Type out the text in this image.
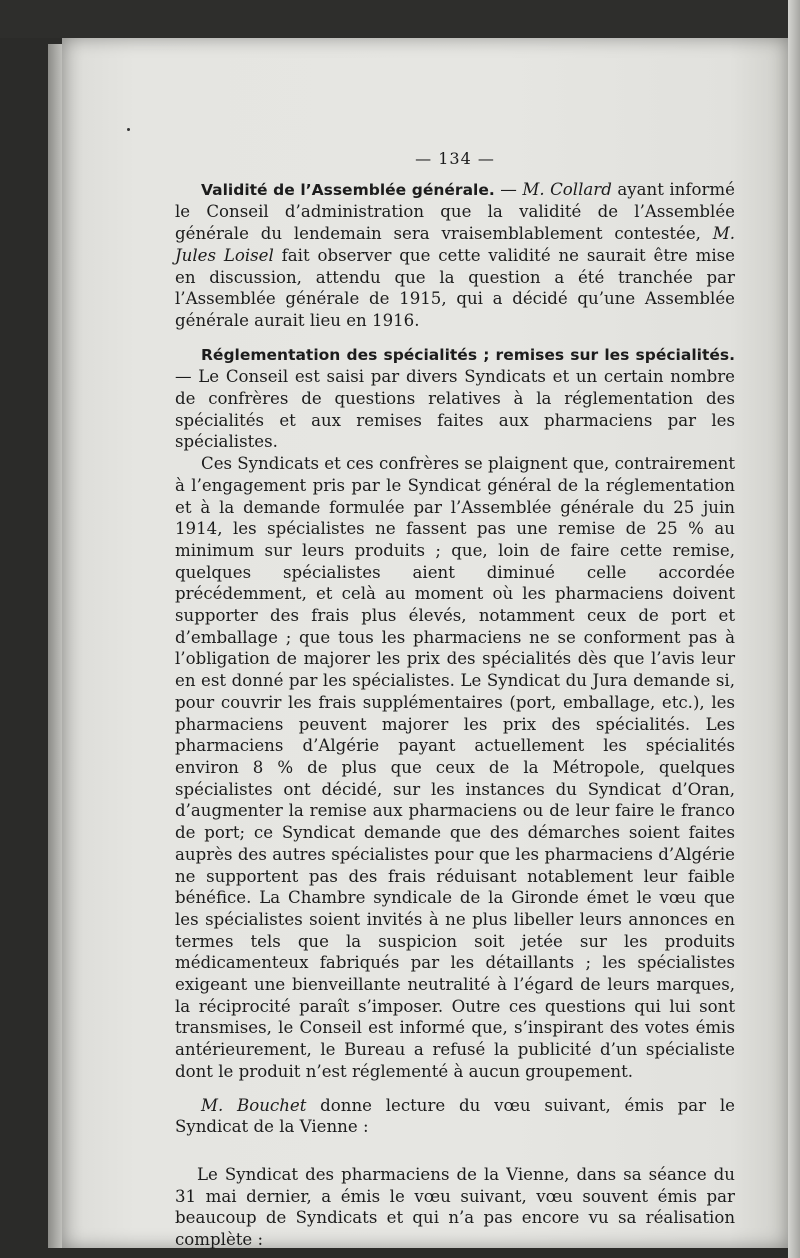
— 134 —

Validité de l’Assemblée générale. — M. Collard ayant informé le Conseil d’administration que la validité de l’Assemblée générale du lendemain sera vraisemblablement contestée, M. Jules Loisel fait observer que cette validité ne saurait être mise en discussion, attendu que la question a été tranchée par l’Assemblée générale de 1915, qui a décidé qu’une Assemblée générale aurait lieu en 1916.

Réglementation des spécialités ; remises sur les spécialités. — Le Conseil est saisi par divers Syndicats et un certain nombre de confrères de questions relatives à la réglementation des spécialités et aux remises faites aux pharmaciens par les spécialistes.

Ces Syndicats et ces confrères se plaignent que, contrairement à l’engagement pris par le Syndicat général de la réglementation et à la demande formulée par l’Assemblée générale du 25 juin 1914, les spécialistes ne fassent pas une remise de 25 % au minimum sur leurs produits ; que, loin de faire cette remise, quelques spécialistes aient diminué celle accordée précédemment, et celà au moment où les pharmaciens doivent supporter des frais plus élevés, notamment ceux de port et d’emballage ; que tous les pharmaciens ne se conforment pas à l’obligation de majorer les prix des spécialités dès que l’avis leur en est donné par les spécialistes. Le Syndicat du Jura demande si, pour couvrir les frais supplémentaires (port, emballage, etc.), les pharmaciens peuvent majorer les prix des spécialités. Les pharmaciens d’Algérie payant actuellement les spécialités environ 8 % de plus que ceux de la Métropole, quelques spécialistes ont décidé, sur les instances du Syndicat d’Oran, d’augmenter la remise aux pharmaciens ou de leur faire le franco de port; ce Syndicat demande que des démarches soient faites auprès des autres spécialistes pour que les pharmaciens d’Algérie ne supportent pas des frais réduisant notablement leur faible bénéfice. La Chambre syndicale de la Gironde émet le vœu que les spécialistes soient invités à ne plus libeller leurs annonces en termes tels que la suspicion soit jetée sur les produits médicamenteux fabriqués par les détaillants ; les spécialistes exigeant une bienveillante neutralité à l’égard de leurs marques, la réciprocité paraît s’imposer. Outre ces questions qui lui sont transmises, le Conseil est informé que, s’inspirant des votes émis antérieurement, le Bureau a refusé la publicité d’un spécialiste dont le produit n’est réglementé à aucun groupement.

M. Bouchet donne lecture du vœu suivant, émis par le Syndicat de la Vienne :

Le Syndicat des pharmaciens de la Vienne, dans sa séance du 31 mai dernier, a émis le vœu suivant, vœu souvent émis par beaucoup de Syndicats et qui n’a pas encore vu sa réalisation complète :
